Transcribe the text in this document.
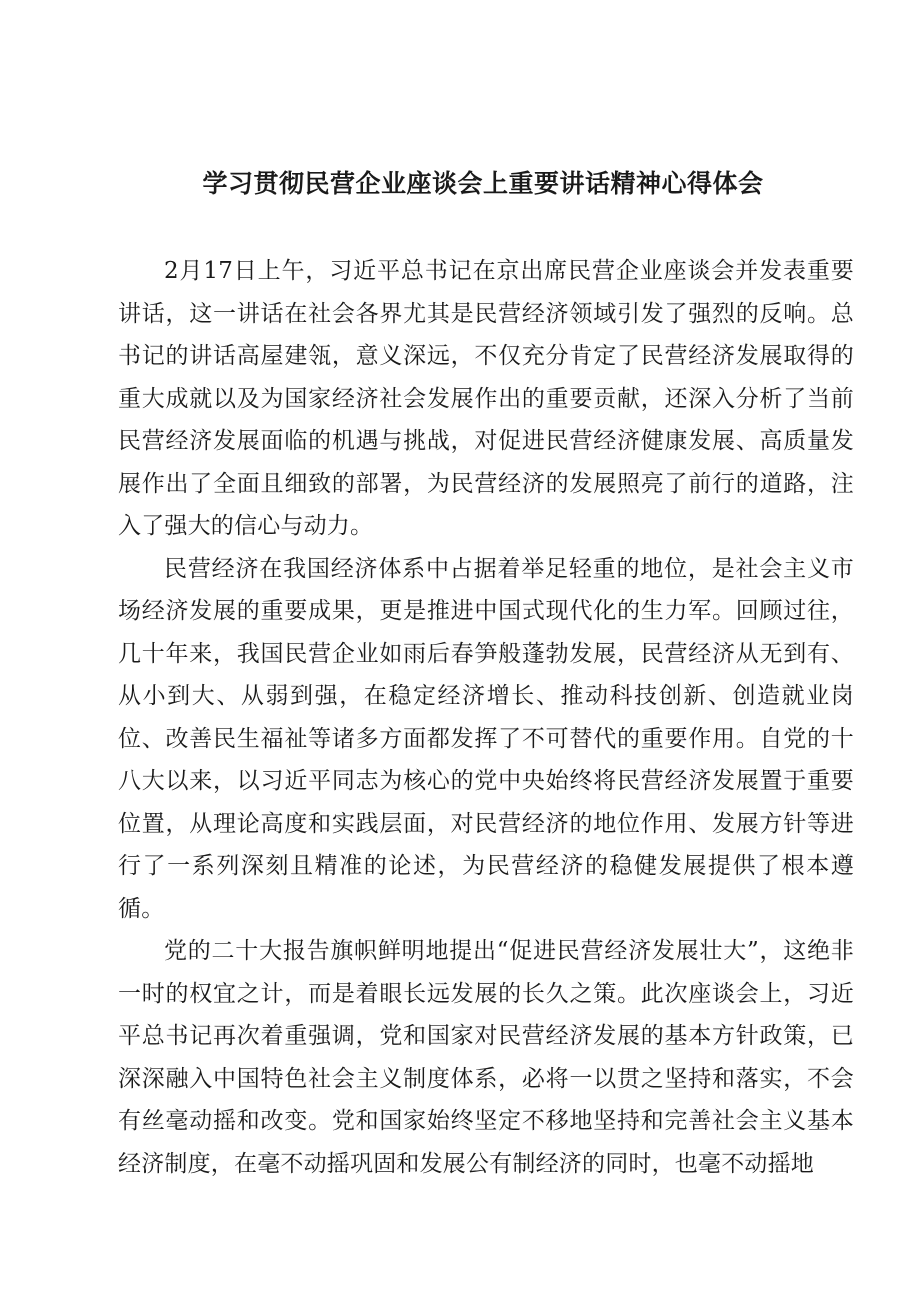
学习贯彻民营企业座谈会上重要讲话精神心得体会

2月17日上午，习近平总书记在京出席民营企业座谈会并发表重要讲话，这一讲话在社会各界尤其是民营经济领域引发了强烈的反响。总书记的讲话高屋建瓴，意义深远，不仅充分肯定了民营经济发展取得的重大成就以及为国家经济社会发展作出的重要贡献，还深入分析了当前民营经济发展面临的机遇与挑战，对促进民营经济健康发展、高质量发展作出了全面且细致的部署，为民营经济的发展照亮了前行的道路，注入了强大的信心与动力。

民营经济在我国经济体系中占据着举足轻重的地位，是社会主义市场经济发展的重要成果，更是推进中国式现代化的生力军。回顾过往，几十年来，我国民营企业如雨后春笋般蓬勃发展，民营经济从无到有、从小到大、从弱到强，在稳定经济增长、推动科技创新、创造就业岗位、改善民生福祉等诸多方面都发挥了不可替代的重要作用。自党的十八大以来，以习近平同志为核心的党中央始终将民营经济发展置于重要位置，从理论高度和实践层面，对民营经济的地位作用、发展方针等进行了一系列深刻且精准的论述，为民营经济的稳健发展提供了根本遵循。

党的二十大报告旗帜鲜明地提出“促进民营经济发展壮大”，这绝非一时的权宜之计，而是着眼长远发展的长久之策。此次座谈会上，习近平总书记再次着重强调，党和国家对民营经济发展的基本方针政策，已深深融入中国特色社会主义制度体系，必将一以贯之坚持和落实，不会有丝毫动摇和改变。党和国家始终坚定不移地坚持和完善社会主义基本经济制度，在毫不动摇巩固和发展公有制经济的同时，也毫不动摇地
